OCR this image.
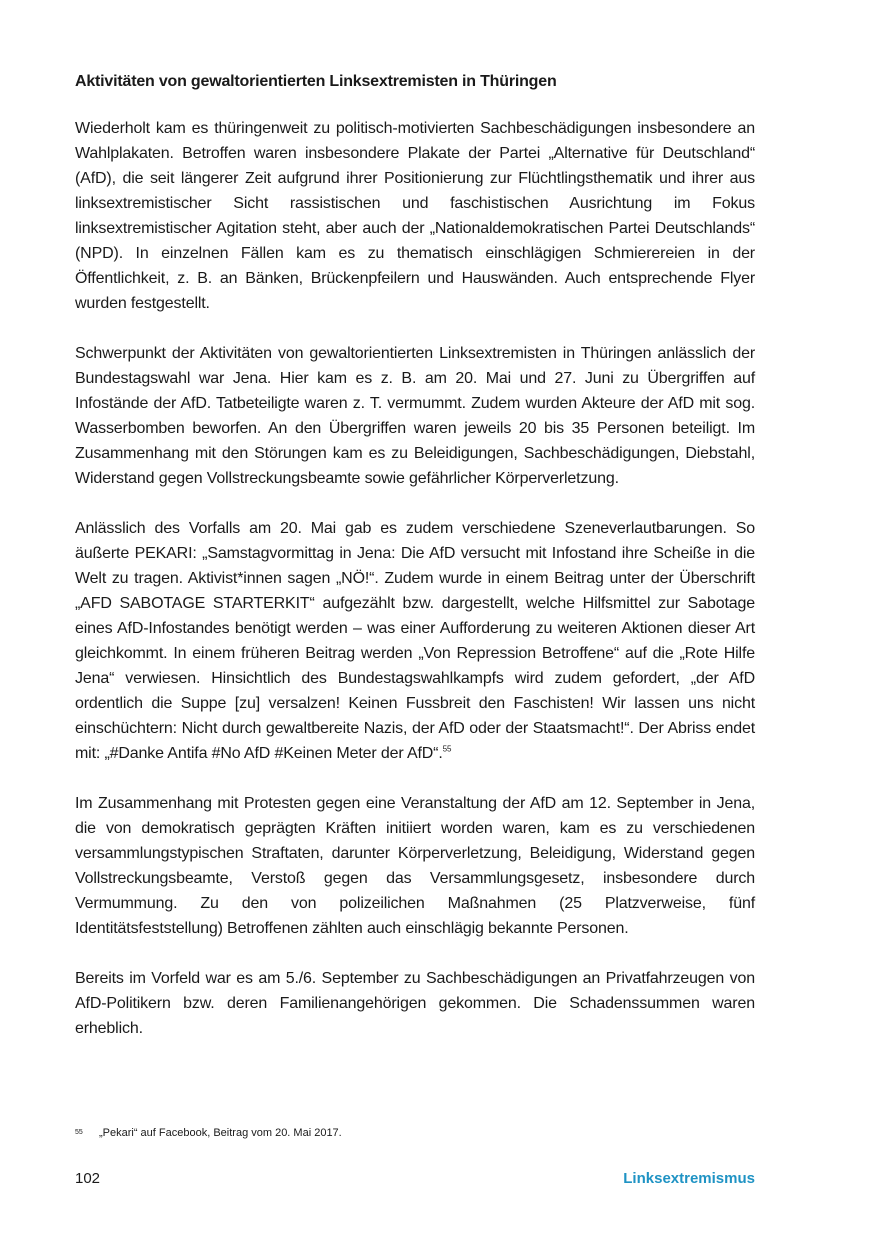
Aktivitäten von gewaltorientierten Linksextremisten in Thüringen

Wiederholt kam es thüringenweit zu politisch-motivierten Sachbeschädigungen insbesondere an Wahlplakaten. Betroffen waren insbesondere Plakate der Partei „Alternative für Deutschland“ (AfD), die seit längerer Zeit aufgrund ihrer Positionierung zur Flüchtlingsthematik und ihrer aus linksextremistischer Sicht rassistischen und faschistischen Ausrichtung im Fokus linksextremistischer Agitation steht, aber auch der „Nationaldemokratischen Partei Deutschlands“ (NPD). In einzelnen Fällen kam es zu thematisch einschlägigen Schmierereien in der Öffentlichkeit, z. B. an Bänken, Brückenpfeilern und Hauswänden. Auch entsprechende Flyer wurden festgestellt.

Schwerpunkt der Aktivitäten von gewaltorientierten Linksextremisten in Thüringen anlässlich der Bundestagswahl war Jena. Hier kam es z. B. am 20. Mai und 27. Juni zu Übergriffen auf Infostände der AfD. Tatbeteiligte waren z. T. vermummt. Zudem wurden Akteure der AfD mit sog. Wasserbomben beworfen. An den Übergriffen waren jeweils 20 bis 35 Personen beteiligt. Im Zusammenhang mit den Störungen kam es zu Beleidigungen, Sachbeschädigungen, Diebstahl, Widerstand gegen Vollstreckungsbeamte sowie gefährlicher Körperverletzung.

Anlässlich des Vorfalls am 20. Mai gab es zudem verschiedene Szeneverlautbarungen. So äußerte PEKARI: „Samstagvormittag in Jena: Die AfD versucht mit Infostand ihre Scheiße in die Welt zu tragen. Aktivist*innen sagen „NÖ!“. Zudem wurde in einem Beitrag unter der Überschrift „AFD SABOTAGE STARTERKIT“ aufgezählt bzw. dargestellt, welche Hilfsmittel zur Sabotage eines AfD-Infostandes benötigt werden – was einer Aufforderung zu weiteren Aktionen dieser Art gleichkommt. In einem früheren Beitrag werden „Von Repression Betroffene“ auf die „Rote Hilfe Jena“ verwiesen. Hinsichtlich des Bundestagswahlkampfs wird zudem gefordert, „der AfD ordentlich die Suppe [zu] versalzen! Keinen Fussbreit den Faschisten! Wir lassen uns nicht einschüchtern: Nicht durch gewaltbereite Nazis, der AfD oder der Staatsmacht!“. Der Abriss endet mit: „#Danke Antifa #No AfD #Keinen Meter der AfD“.$^{55}$

Im Zusammenhang mit Protesten gegen eine Veranstaltung der AfD am 12. September in Jena, die von demokratisch geprägten Kräften initiiert worden waren, kam es zu verschiedenen versammlungstypischen Straftaten, darunter Körperverletzung, Beleidigung, Widerstand gegen Vollstreckungsbeamte, Verstoß gegen das Versammlungsgesetz, insbesondere durch Vermummung. Zu den von polizeilichen Maßnahmen (25 Platzverweise, fünf Identitätsfeststellung) Betroffenen zählten auch einschlägig bekannte Personen.

Bereits im Vorfeld war es am 5./6. September zu Sachbeschädigungen an Privatfahrzeugen von AfD-Politikern bzw. deren Familienangehörigen gekommen. Die Schadenssummen waren erheblich.

55 „Pekari“ auf Facebook, Beitrag vom 20. Mai 2017.
102	Linksextremismus
